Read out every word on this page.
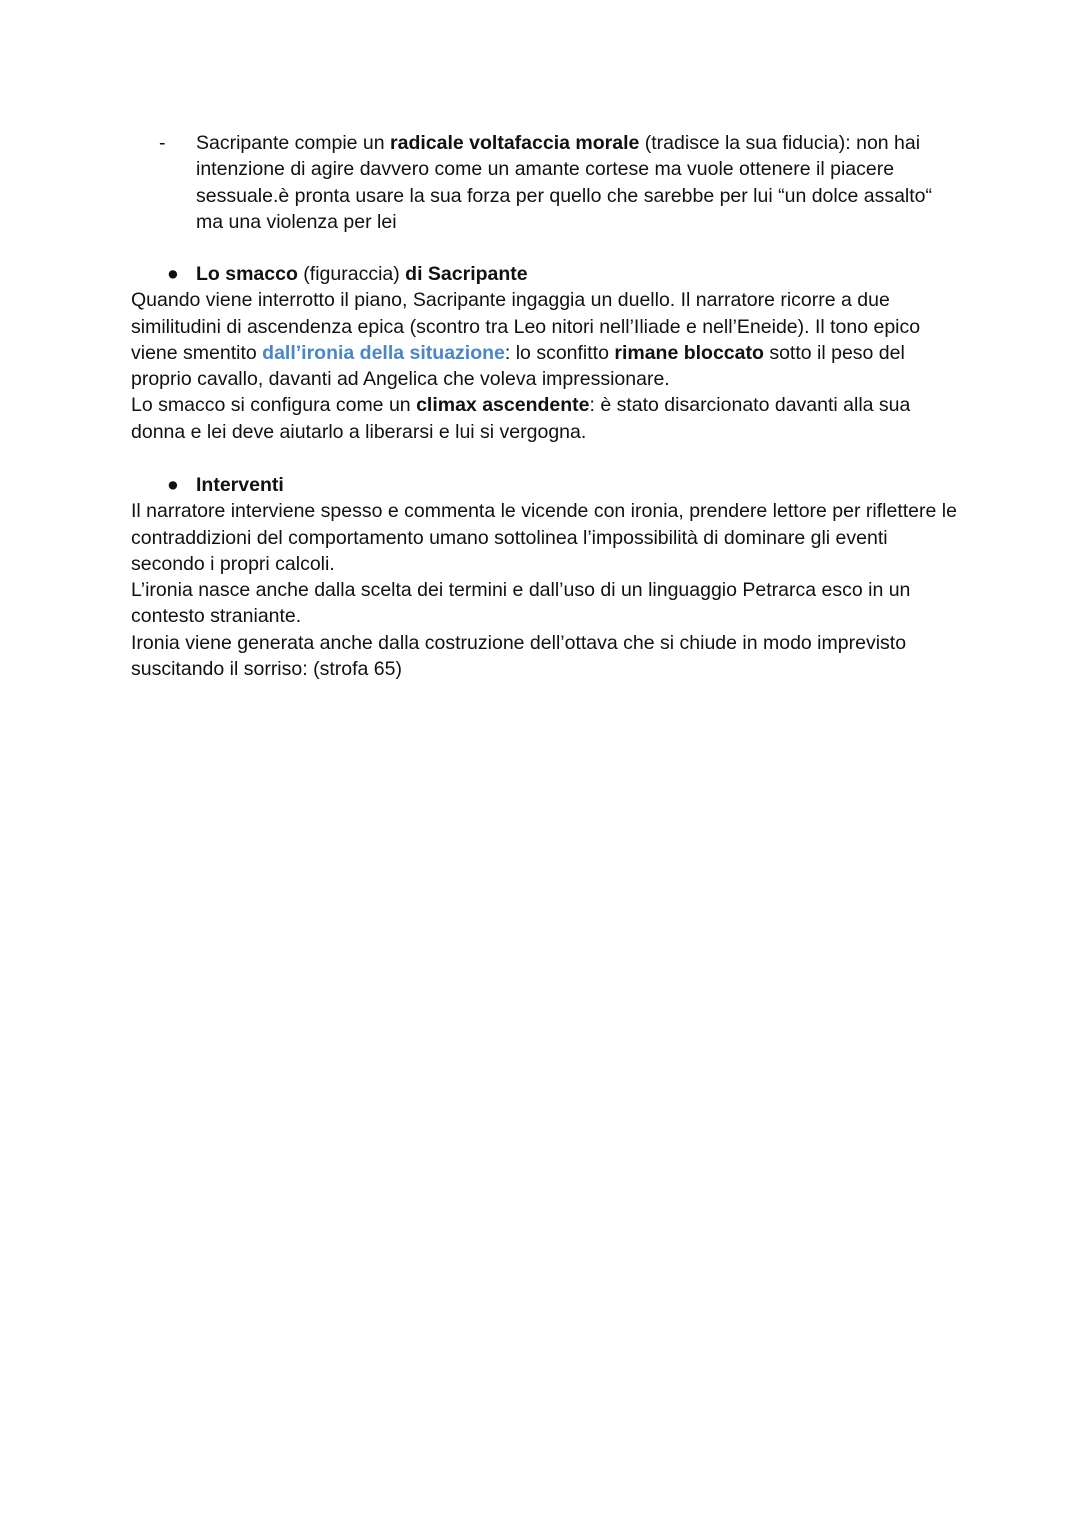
-	Sacripante compie un radicale voltafaccia morale (tradisce la sua fiducia): non hai intenzione di agire davvero come un amante cortese ma vuole ottenere il piacere sessuale.è pronta usare la sua forza per quello che sarebbe per lui “un dolce assalto“ ma una violenza per lei
● Lo smacco (figuraccia) di Sacripante

Quando viene interrotto il piano, Sacripante ingaggia un duello. Il narratore ricorre a due similitudini di ascendenza epica (scontro tra Leo nitori nell’Iliade e nell’Eneide). Il tono epico viene smentito dall’ironia della situazione: lo sconfitto rimane bloccato sotto il peso del proprio cavallo, davanti ad Angelica che voleva impressionare.

Lo smacco si configura come un climax ascendente: è stato disarcionato davanti alla sua donna e lei deve aiutarlo a liberarsi e lui si vergogna.

● Interventi

Il narratore interviene spesso e commenta le vicende con ironia, prendere lettore per riflettere le contraddizioni del comportamento umano sottolinea l’impossibilità di dominare gli eventi secondo i propri calcoli.

L’ironia nasce anche dalla scelta dei termini e dall’uso di un linguaggio Petrarca esco in un contesto straniante.

Ironia viene generata anche dalla costruzione dell’ottava che si chiude in modo imprevisto suscitando il sorriso: (strofa 65)
